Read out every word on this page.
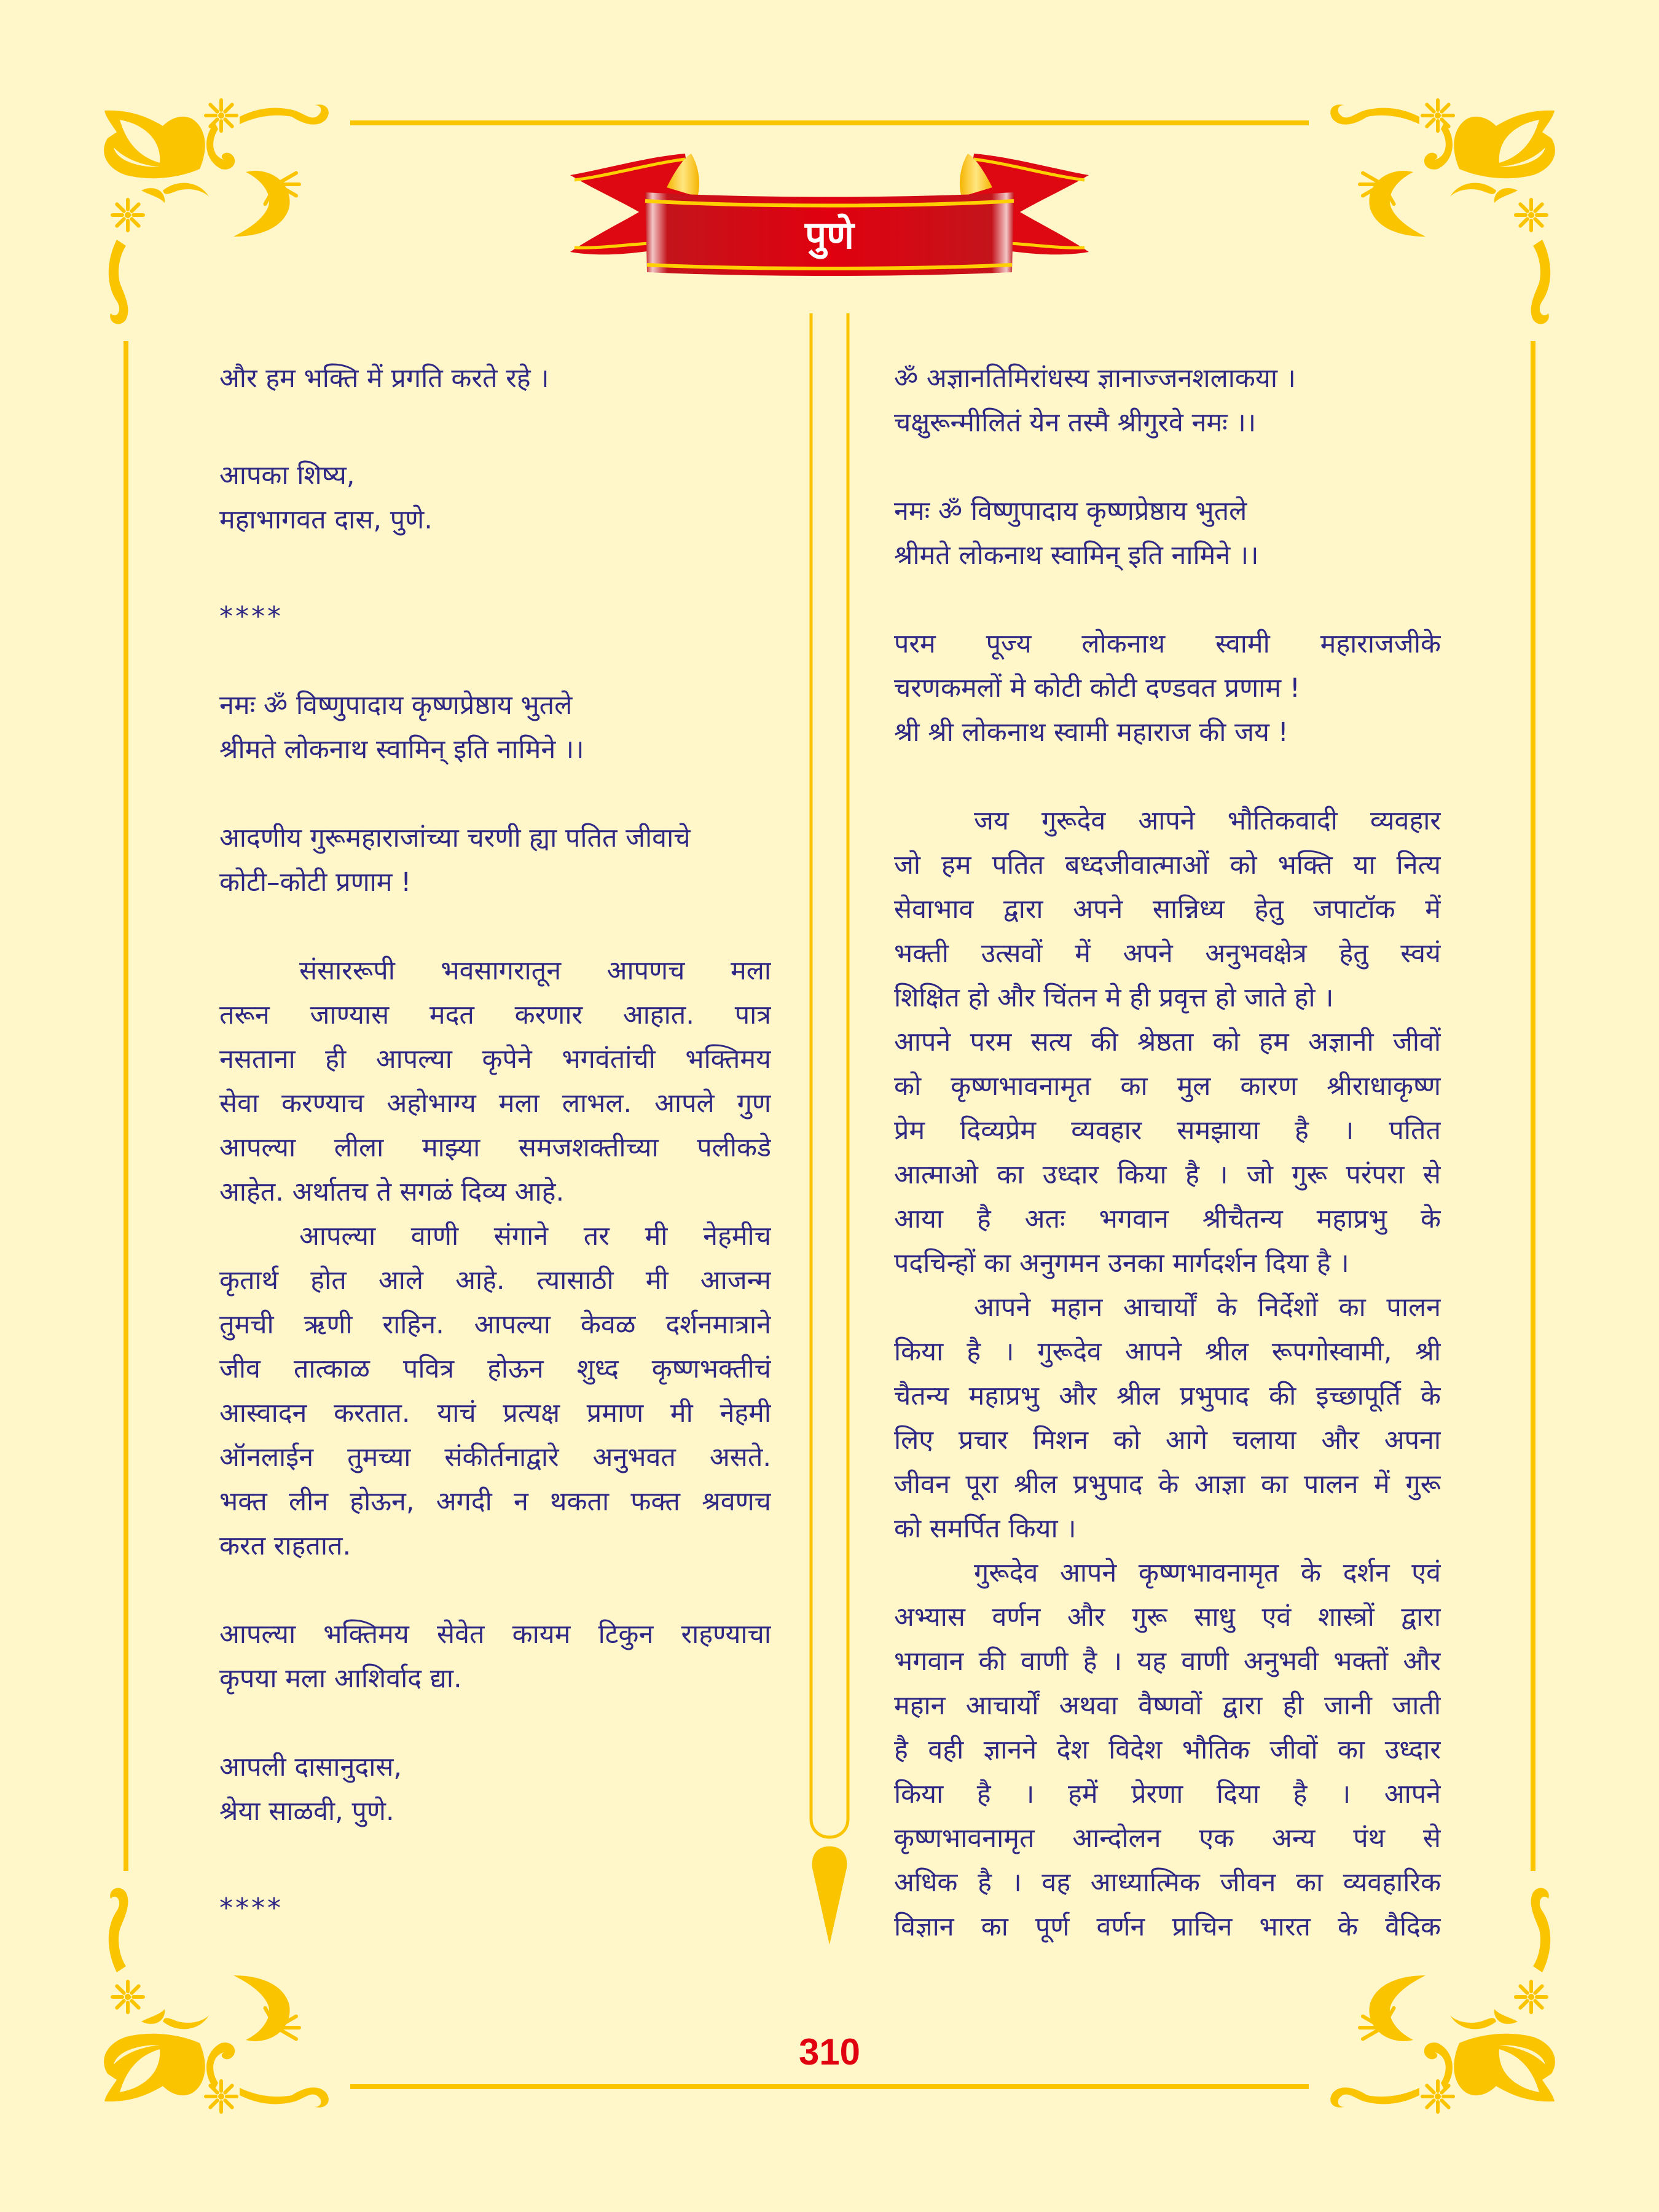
पुणे
और हम भक्ति में प्रगति करते रहे ।
आपका शिष्य,
महाभागवत दास, पुणे.
****
नमः ॐ विष्णुपादाय कृष्णप्रेष्ठाय भुतले
श्रीमते लोकनाथ स्वामिन् इति नामिने ।।
आदणीय गुरूमहाराजांच्या चरणी ह्या पतित जीवाचे
कोटी–कोटी प्रणाम !
संसाररूपी भवसागरातून आपणच मला
तरून जाण्यास मदत करणार आहात. पात्र
नसताना ही आपल्या कृपेने भगवंतांची भक्तिमय
सेवा करण्याच अहोभाग्य मला लाभल. आपले गुण
आपल्या लीला माझ्या समजशक्तीच्या पलीकडे
आहेत. अर्थातच ते सगळं दिव्य आहे.
आपल्या वाणी संगाने तर मी नेहमीच
कृतार्थ होत आले आहे. त्यासाठी मी आजन्म
तुमची ऋणी राहिन. आपल्या केवळ दर्शनमात्राने
जीव तात्काळ पवित्र होऊन शुध्द कृष्णभक्तीचं
आस्वादन करतात. याचं प्रत्यक्ष प्रमाण मी नेहमी
ऑनलाईन तुमच्या संकीर्तनाद्वारे अनुभवत असते.
भक्त लीन होऊन, अगदी न थकता फक्त श्रवणच
करत राहतात.
आपल्या भक्तिमय सेवेत कायम टिकुन राहण्याचा
कृपया मला आशिर्वाद द्या.
आपली दासानुदास,
श्रेया साळवी, पुणे.
****
ॐ अज्ञानतिमिरांधस्य ज्ञानाज्जनशलाकया ।
चक्षुरून्मीलितं येन तस्मै श्रीगुरवे नमः ।।
नमः ॐ विष्णुपादाय कृष्णप्रेष्ठाय भुतले
श्रीमते लोकनाथ स्वामिन् इति नामिने ।।
परम पूज्य लोकनाथ स्वामी महाराजजीके
चरणकमलों मे कोटी कोटी दण्डवत प्रणाम !
श्री श्री लोकनाथ स्वामी महाराज की जय !
जय गुरूदेव आपने भौतिकवादी व्यवहार
जो हम पतित बध्दजीवात्माओं को भक्ति या नित्य
सेवाभाव द्वारा अपने सान्निध्य हेतु जपाटॉक में
भक्ती उत्सवों में अपने अनुभवक्षेत्र हेतु स्वयं
शिक्षित हो और चिंतन मे ही प्रवृत्त हो जाते हो ।
आपने परम सत्य की श्रेष्ठता को हम अज्ञानी जीवों
को कृष्णभावनामृत का मुल कारण श्रीराधाकृष्ण
प्रेम दिव्यप्रेम व्यवहार समझाया है । पतित
आत्माओ का उध्दार किया है । जो गुरू परंपरा से
आया है अतः भगवान श्रीचैतन्य महाप्रभु के
पदचिन्हों का अनुगमन उनका मार्गदर्शन दिया है ।
आपने महान आचार्यों के निर्देशों का पालन
किया है । गुरूदेव आपने श्रील रूपगोस्वामी, श्री
चैतन्य महाप्रभु और श्रील प्रभुपाद की इच्छापूर्ति के
लिए प्रचार मिशन को आगे चलाया और अपना
जीवन पूरा श्रील प्रभुपाद के आज्ञा का पालन में गुरू
को समर्पित किया ।
गुरूदेव आपने कृष्णभावनामृत के दर्शन एवं
अभ्यास वर्णन और गुरू साधु एवं शास्त्रों द्वारा
भगवान की वाणी है । यह वाणी अनुभवी भक्तों और
महान आचार्यों अथवा वैष्णवों द्वारा ही जानी जाती
है वही ज्ञानने देश विदेश भौतिक जीवों का उध्दार
किया है । हमें प्रेरणा दिया है । आपने
कृष्णभावनामृत आन्दोलन एक अन्य पंथ से
अधिक है । वह आध्यात्मिक जीवन का व्यवहारिक
विज्ञान का पूर्ण वर्णन प्राचिन भारत के वैदिक
310
